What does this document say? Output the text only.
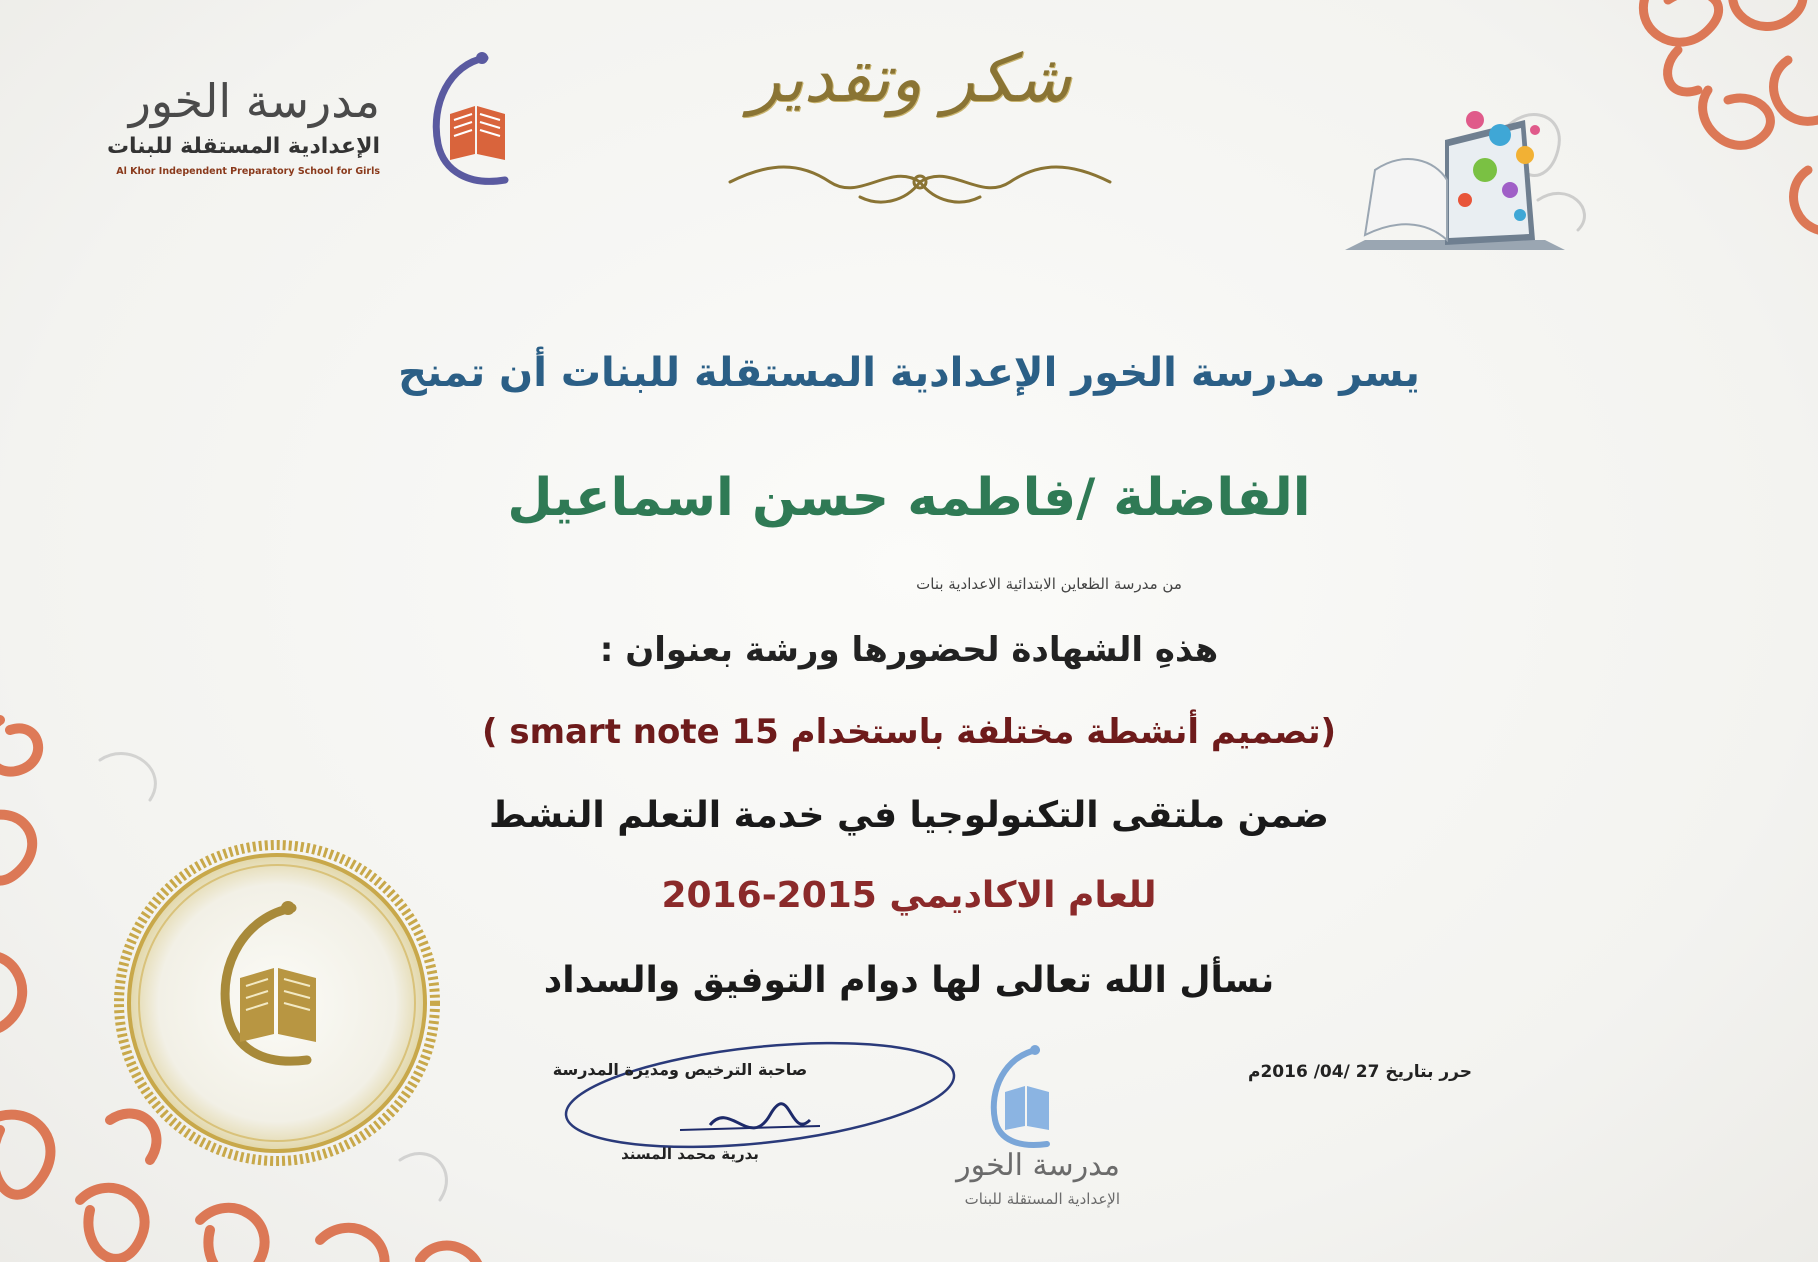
مدرسة الخور
الإعدادية المستقلة للبنات
Al Khor Independent Preparatory School for Girls
شكر وتقدير
يسر مدرسة الخور الإعدادية المستقلة للبنات أن تمنح
الفاضلة /فاطمه حسن اسماعيل
من مدرسة الظعاين الابتدائية الاعدادية بنات
هذهِ الشهادة لحضورها ورشة بعنوان :
(تصميم أنشطة مختلفة باستخدام smart note 15 )
ضمن ملتقى التكنولوجيا في خدمة التعلم النشط
للعام الاكاديمي 2015-2016
نسأل الله تعالى لها دوام التوفيق والسداد
صاحبة الترخيص ومديرة المدرسة
بدرية محمد المسند	مدرسة الخور
الإعدادية المستقلة للبنات
حرر بتاريخ 27 /04/ 2016م
